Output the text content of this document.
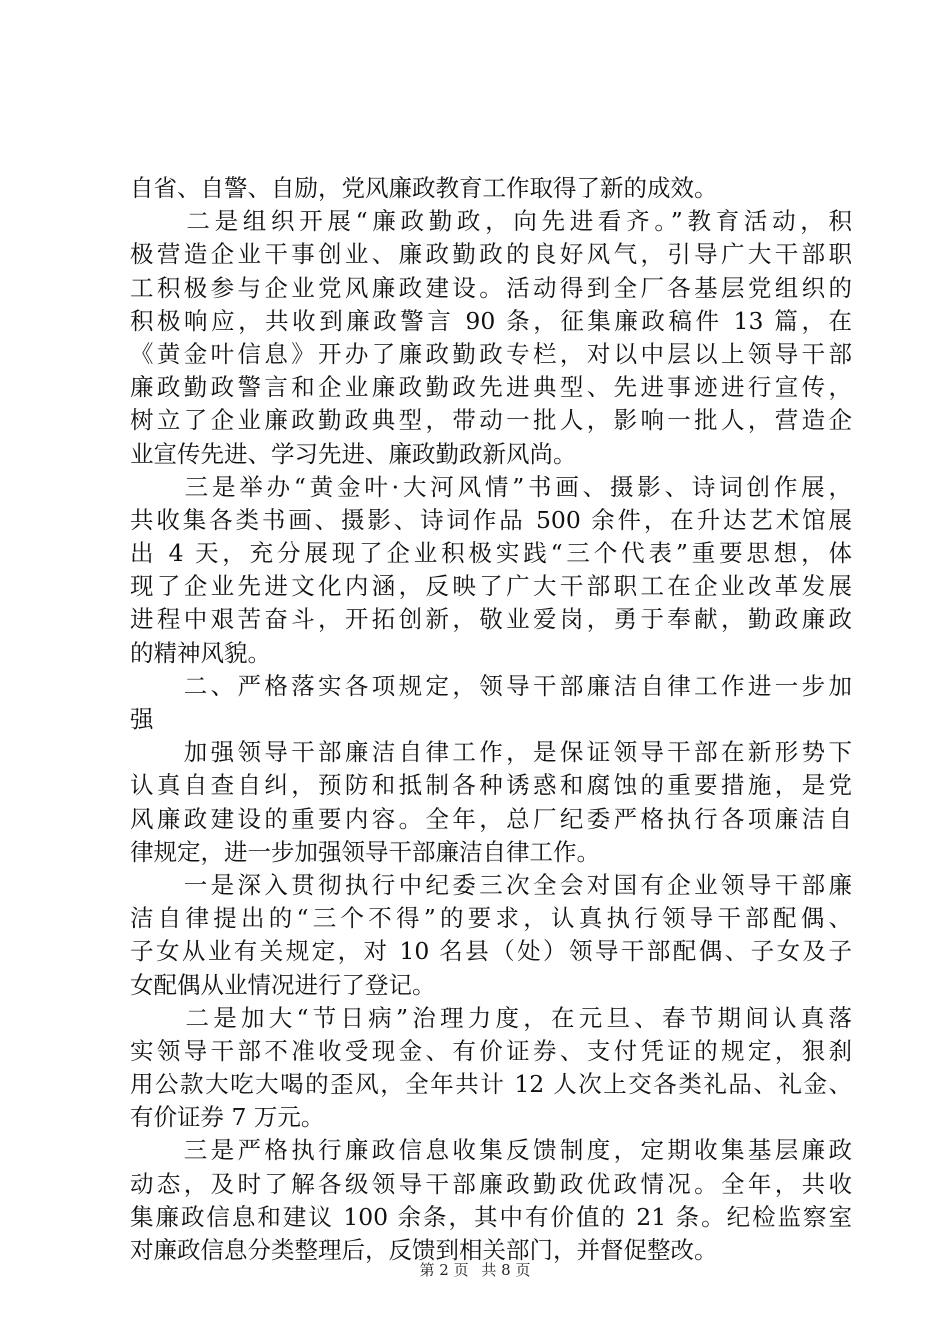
自省、自警、自励，党风廉政教育工作取得了新的成效。
　　二是组织开展“廉政勤政，向先进看齐。”教育活动，积
极营造企业干事创业、廉政勤政的良好风气，引导广大干部职
工积极参与企业党风廉政建设。活动得到全厂各基层党组织的
积极响应，共收到廉政警言 90 条，征集廉政稿件 13 篇，在
《黄金叶信息》开办了廉政勤政专栏，对以中层以上领导干部
廉政勤政警言和企业廉政勤政先进典型、先进事迹进行宣传，
树立了企业廉政勤政典型，带动一批人，影响一批人，营造企
业宣传先进、学习先进、廉政勤政新风尚。
　　三是举办“黄金叶·大河风情”书画、摄影、诗词创作展，
共收集各类书画、摄影、诗词作品 500 余件，在升达艺术馆展
出 4 天，充分展现了企业积极实践“三个代表”重要思想，体
现了企业先进文化内涵，反映了广大干部职工在企业改革发展
进程中艰苦奋斗，开拓创新，敬业爱岗，勇于奉献，勤政廉政
的精神风貌。
　　二、严格落实各项规定，领导干部廉洁自律工作进一步加
强
　　加强领导干部廉洁自律工作，是保证领导干部在新形势下
认真自查自纠，预防和抵制各种诱惑和腐蚀的重要措施，是党
风廉政建设的重要内容。全年，总厂纪委严格执行各项廉洁自
律规定，进一步加强领导干部廉洁自律工作。
　　一是深入贯彻执行中纪委三次全会对国有企业领导干部廉
洁自律提出的“三个不得”的要求，认真执行领导干部配偶、
子女从业有关规定，对 10 名县（处）领导干部配偶、子女及子
女配偶从业情况进行了登记。
　　二是加大“节日病”治理力度，在元旦、春节期间认真落
实领导干部不准收受现金、有价证券、支付凭证的规定，狠刹
用公款大吃大喝的歪风，全年共计 12 人次上交各类礼品、礼金、
有价证券 7 万元。
　　三是严格执行廉政信息收集反馈制度，定期收集基层廉政
动态，及时了解各级领导干部廉政勤政优政情况。全年，共收
集廉政信息和建议 100 余条，其中有价值的 21 条。纪检监察室
对廉政信息分类整理后，反馈到相关部门，并督促整改。
第 2 页 共 8 页
